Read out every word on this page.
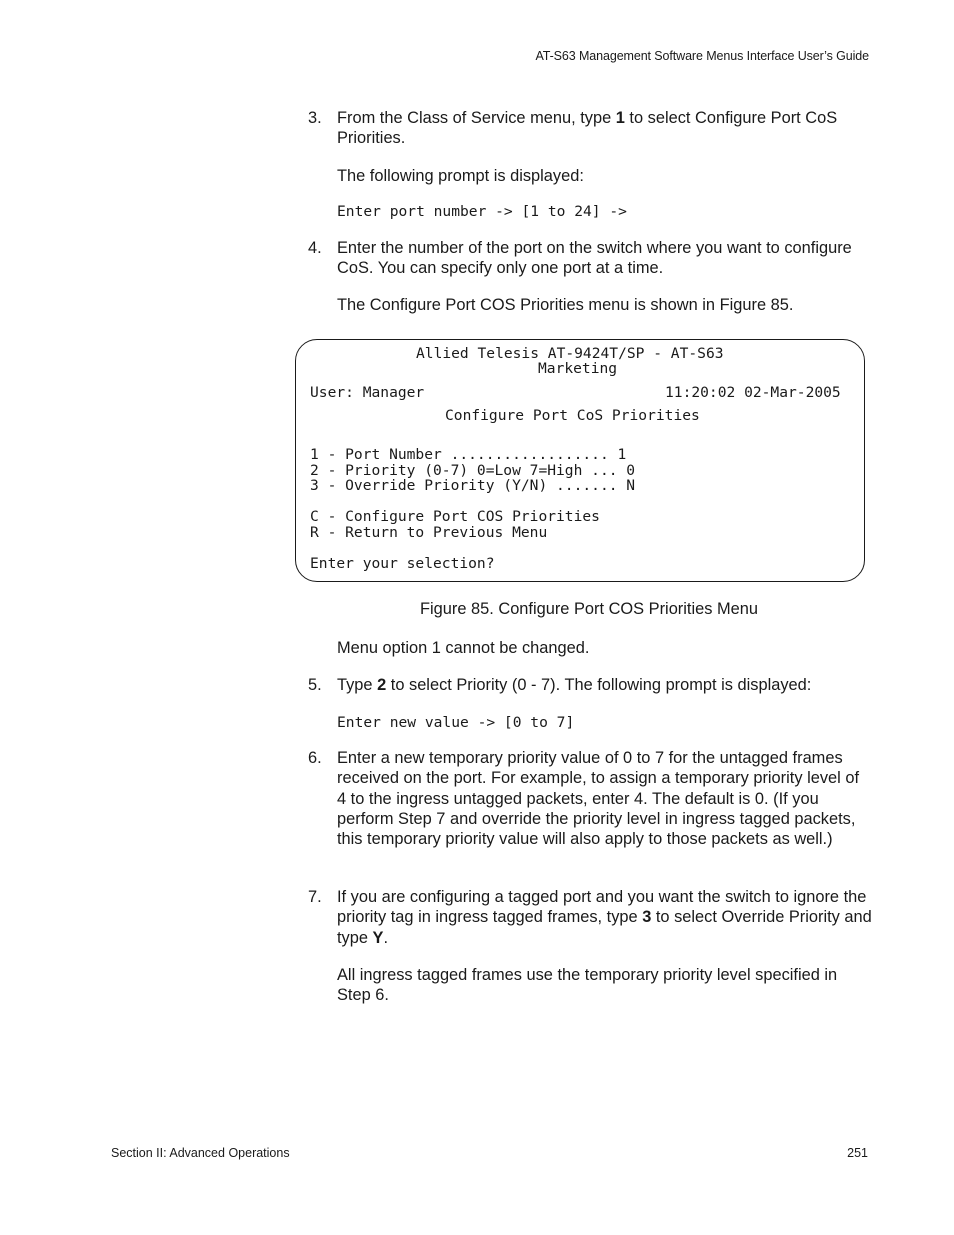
AT-S63 Management Software Menus Interface User’s Guide
3. From the Class of Service menu, type 1 to select Configure Port CoS Priorities.
The following prompt is displayed:
Enter port number -> [1 to 24] ->
4. Enter the number of the port on the switch where you want to configure CoS. You can specify only one port at a time.
The Configure Port COS Priorities menu is shown in Figure 85.
Allied Telesis AT-9424T/SP - AT-S63
Marketing
User: Manager	11:20:02 02-Mar-2005
Configure Port CoS Priorities
1 - Port Number .................. 1
2 - Priority (0-7) 0=Low 7=High ... 0
3 - Override Priority (Y/N) ....... N
C - Configure Port COS Priorities
R - Return to Previous Menu
Enter your selection?
Figure 85. Configure Port COS Priorities Menu
Menu option 1 cannot be changed.
5. Type 2 to select Priority (0 - 7). The following prompt is displayed:
Enter new value -> [0 to 7]
6. Enter a new temporary priority value of 0 to 7 for the untagged frames received on the port. For example, to assign a temporary priority level of 4 to the ingress untagged packets, enter 4. The default is 0. (If you perform Step 7 and override the priority level in ingress tagged packets, this temporary priority value will also apply to those packets as well.)
7. If you are configuring a tagged port and you want the switch to ignore the priority tag in ingress tagged frames, type 3 to select Override Priority and type Y.
All ingress tagged frames use the temporary priority level specified in Step 6.
Section II: Advanced Operations	251
